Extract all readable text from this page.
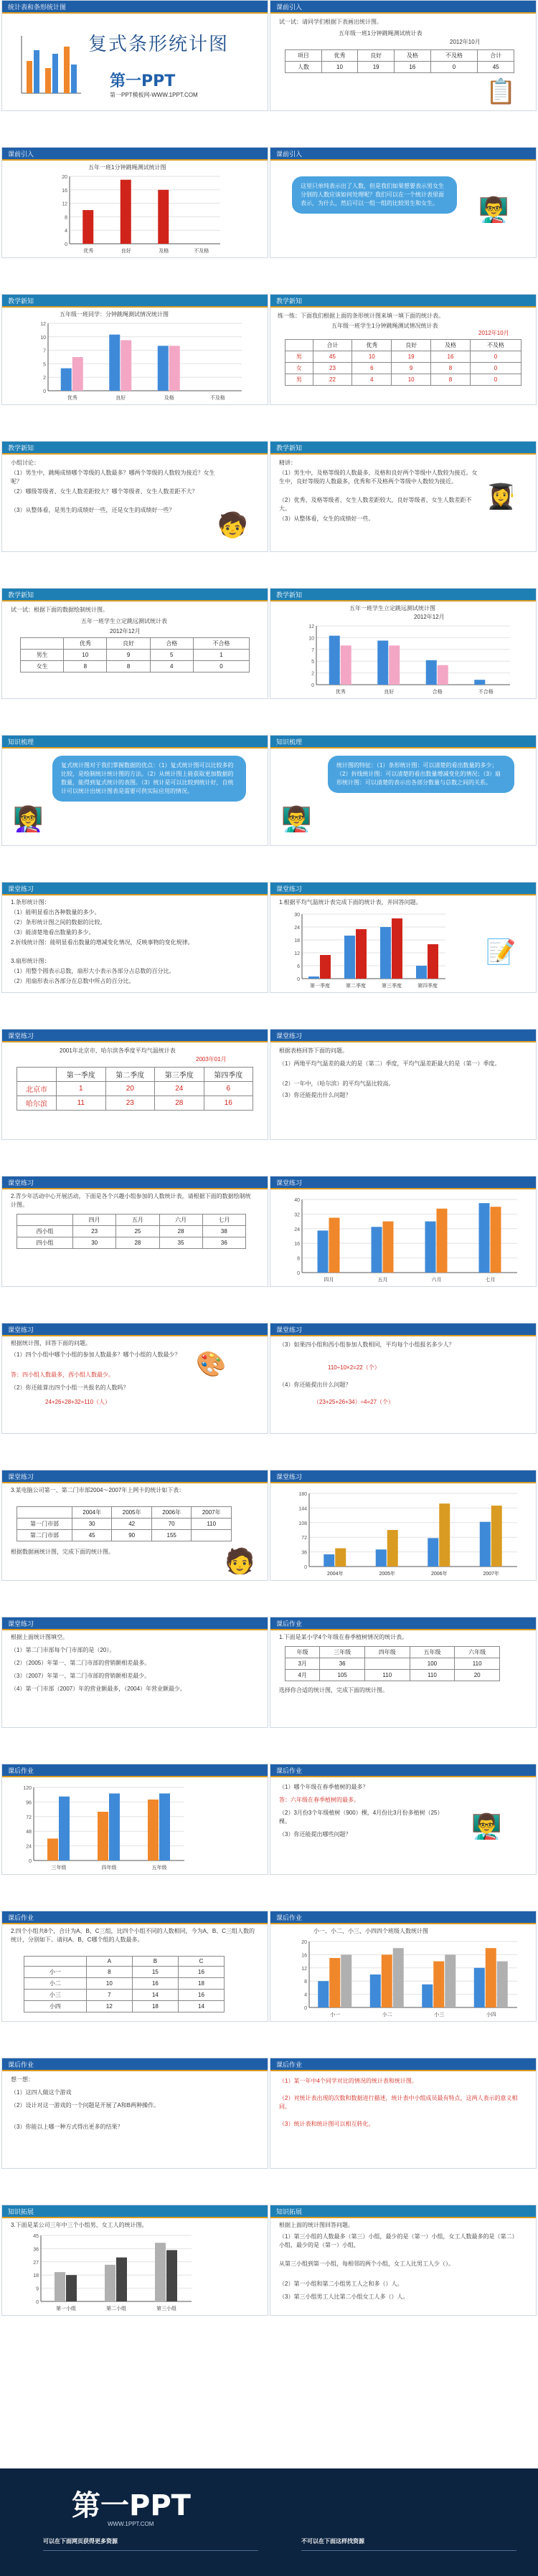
统计表和条形统计图
复式条形统计图
第一PPT
第一PPT模板网-WWW.1PPT.COM
课前引入
试一试：请同学们根据下表画出统计图。
五年级一班1分钟跳绳测试统计表
2012年10月
项目	优秀	良好	及格	不及格	合计
人数	10	19	16	0	45
📋
课前引入
五年一班1分钟跳绳测试统计图
0
4
8
12
16
20
优秀	良好	及格	不及格
课前引入
这里只单纯表示出了人数，但是我们如果想要表示男女生分别的人数应该如何处理呢？我们可以在一个统计表里面表示，为什么，然后可以一组一组的比较男生和女生。	👨‍🏫
教学新知
五年级一班同学：分钟跳绳测试情况统计图
0
2
5
7
10
12
优秀	良好	及格	不及格
教学新知
练一练：下面我们根据上面的条形统计图来填一填下面的统计表。
五年级一班学生1分钟跳绳测试情况统计表
2012年10月
	合计	优秀	良好	及格	不及格
男	45	10	19	16	0
女	23	6	9	8	0
男	22	4	10	8	0
教学新知
小组讨论：
（1）男生中，跳绳成绩哪个等级的人数最多？哪两个等级的人数较为接近？女生呢？
（2）哪级等级者、女生人数差距较大？哪个等级者、女生人数差距不大？
（3）从整体看，是男生的成绩好一些，还是女生的成绩好一些？
🧒
教学新知
精讲：
（1）男生中，及格等级的人数最多，及格和良好两个等级中人数较为接近。女生中，良好等级的人数最多，优秀和不及格两个等级中人数较为接近。
（2）优秀、及格等级者、女生人数差距较大，良好等级者、女生人数差距不大。
（3）从整体看，女生的成绩好一些。
👩‍🎓
教学新知
试一试：根据下面的数据绘制统计图。
五年一班学生立定跳远测试统计表
2012年12月
	优秀	良好	合格	不合格
男生	10	9	5	1
女生	8	8	4	0
教学新知
五年一班学生立定跳远测试统计图
2012年12月
0
2
5
7
10
12
优秀	良好	合格	不合格
知识梳理
复式统计图对于我们掌握数据的优点：（1）复式统计图可以比较多的比较，是绘制统计统计图的方法。（2）从统计图上能获取更加数据的数量，能得到复式统计的表图。（3）统计是可以比较到统计好，自统计可以统计出统计图表是需要可供实际应用的情况。
👩‍🏫
知识梳理
统计图的特征：（1）条形统计图：可以清楚的看出数量的多少；（2）折线统计图：可以清楚的看出数量增减变化的情况；（3）扇形统计图：可以清楚的表示出各部分数量与总数之间的关系。
👨‍🏫
课堂练习
1.条形统计图：
（1）能明显看出各种数量的多少。
（2）条形统计图之间的数据的比较。
（3）能清楚地看出数量的多少。
2.折线统计图：能明显看出数量的增减变化情况，反映事物的变化规律。
3.扇形统计图：
（1）用整个圆表示总数，扇形大小表示各部分占总数的百分比。
（2）用扇形表示各部分在总数中所占的百分比。
课堂练习
1.根据平均气温统计表完成下面的统计表，并回答问题。
0
6
12
18
24
30
第一季度	第二季度	第三季度	第四季度
📝
课堂练习
2001年北京市、哈尔滨各季度平均气温统计表
2003年01月
	第一季度	第二季度	第三季度	第四季度
北京市	1	20	24	6
哈尔滨	11	23	28	16
课堂练习
根据表格回答下面的问题。
（1）两地平均气温差的最大的是（第二）季度，平均气温差距最大的是（第一）季度。
（2）一年中，（哈尔滨）的平均气温比较高。
（3）你还能提出什么问题？
课堂练习
2.青少年活动中心开展活动，下面是各个兴趣小组参加的人数统计表，请根据下面的数据绘制统计图。
	四月	五月	六月	七月
西小组	23	25	28	38
四小组	30	28	35	36
课堂练习
0
8
16
24
32
40
四月	五月	六月	七月
课堂练习
根据统计图，回答下面的问题。
（1）四个小组中哪个小组的参加人数最多？哪个小组的人数最少？
答：四小组人数最多，西小组人数最少。
（2）你还能算出四个小组一共报名的人数吗？
24+26+28+32=110（人）
🎨
课堂练习
（3）如果四小组和西小组参加人数相同，平均每个小组报名多少人？
110÷10×2=22（个）
（4）你还能提出什么问题？
（23+25+26+34）÷4=27（个）
课堂练习
3.某电脑公司第一、第二门市部2004～2007年上网卡的统计如下表：
	2004年	2005年	2006年	2007年
第一门市部	30	42	70	110
第二门市部	45	90	155	
根据数据画统计图，完成下面的统计图。	🧑
课堂练习
0
36
72
108
144
180
2004年	2005年	2006年	2007年
课堂练习
根据上面统计图填空。
（1）第二门市部每个门市部的是（20）。
（2）（2005）年第一、第二门市部的营销额相差最多。
（3）（2007）年第一、第二门市部的营销额相差最少。
（4）第一门市部（2007）年的营业额最多，（2004）年营业额最少。
课后作业
1.下面是某小学4个年级在春季植树情况的统计表。
年级	三年级	四年级	五年级	六年级
3月	36		100	110
4月	105	110	110	20
选择你合适的统计图，完成下面的统计图。
课后作业
0
24
48
72
96
120
三年级	四年级	五年级
课后作业
（1）哪个年级在春季植树的最多？
答：六年级在春季植树的最多。
（2）3月份3个年级植树（900）棵，4月份比3月份多植树（25）棵。
（3）你还能提出哪些问题？	👨‍🏫
课后作业
2.四个小组共8个，合计为A、B、C三组，比四个小组不同的人数相同，今为A、B、C三组人数的统计，分别如下。请问A、B、C哪个组的人数最多。
	A	B	C
小一	8	15	16
小二	10	16	18
小三	7	14	16
小四	12	18	14
课后作业
小一、小二、小三、小四四个班级人数统计图
0
4
8
12
16
20
小一	小二	小三	小四
课后作业
想一想：
（1）这四人做这个游戏
（2）设计对这一游戏的一个问题是开展了A和B两种操作。
（3）你能以上哪一种方式得出更多的结果？
课后作业
（1）某一年中4个同学对比的情况的统计表和统计图。
（2）对统计表出现的次数和数据进行描述，统计表中小组成员最有特点，这两人表示的意义相同。
（3）统计表和统计图可以相互转化。
知识拓展
3.下面是某公司三年中三个小组男、女工人的统计图。
0
9
18
27
36
45
第一小组	第二小组	第三小组
知识拓展
根据上面的统计图回答问题。
（1）第三小组的人数最多（第三）小组，最少的是（第一）小组，女工人数最多的是（第二）小组，最少的是（第一）小组，
从第三小组到第一小组，每相邻的两个小组，女工人比男工人少（）。
（2）第一小组和第二小组男工人之和多（）人。
（3）第三小组男工人比第二小组女工人多（）人。
第一PPT
WWW.1PPT.COM
可以在下面网页获得更多资源	不可以在下面这样找资源
